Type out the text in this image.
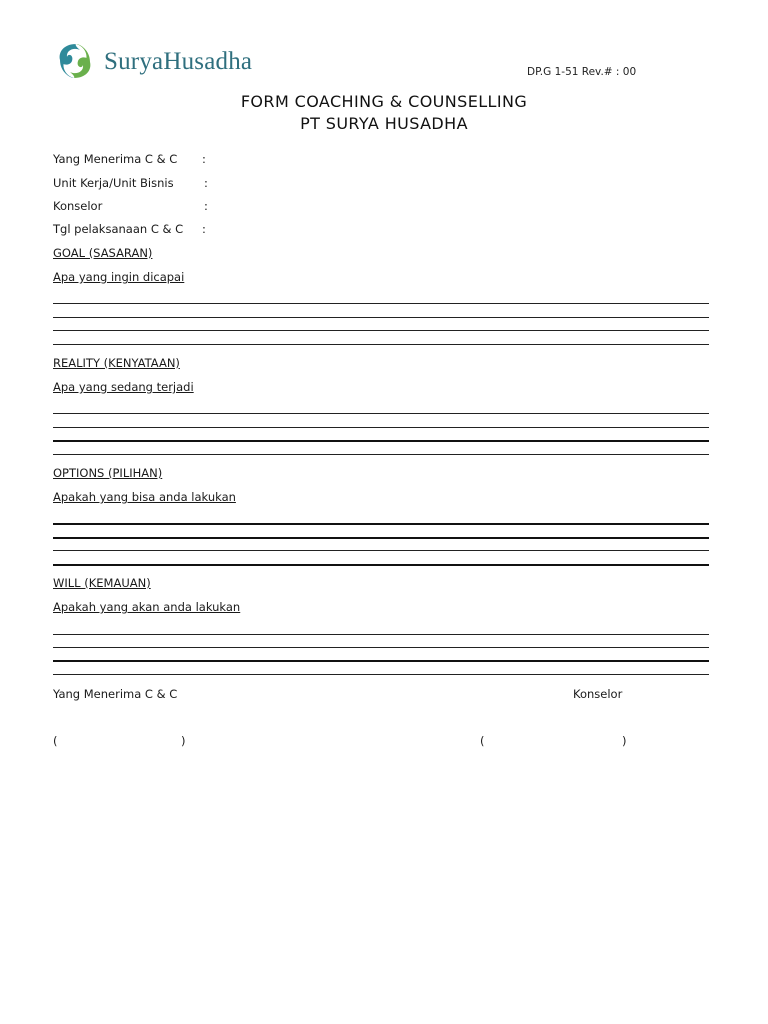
SuryaHusadha	DP.G 1-51 Rev.# : 00
FORM COACHING & COUNSELLING
PT SURYA HUSADHA
Yang Menerima C & C :
Unit Kerja/Unit Bisnis	:
Konselor	:
Tgl pelaksanaan C & C :
GOAL (SASARAN)
Apa yang ingin dicapai
REALITY (KENYATAAN)
Apa yang sedang terjadi
OPTIONS (PILIHAN)
Apakah yang bisa anda lakukan
WILL (KEMAUAN)
Apakah yang akan anda lakukan
Yang Menerima C & C	Konselor
(	)	(	)
